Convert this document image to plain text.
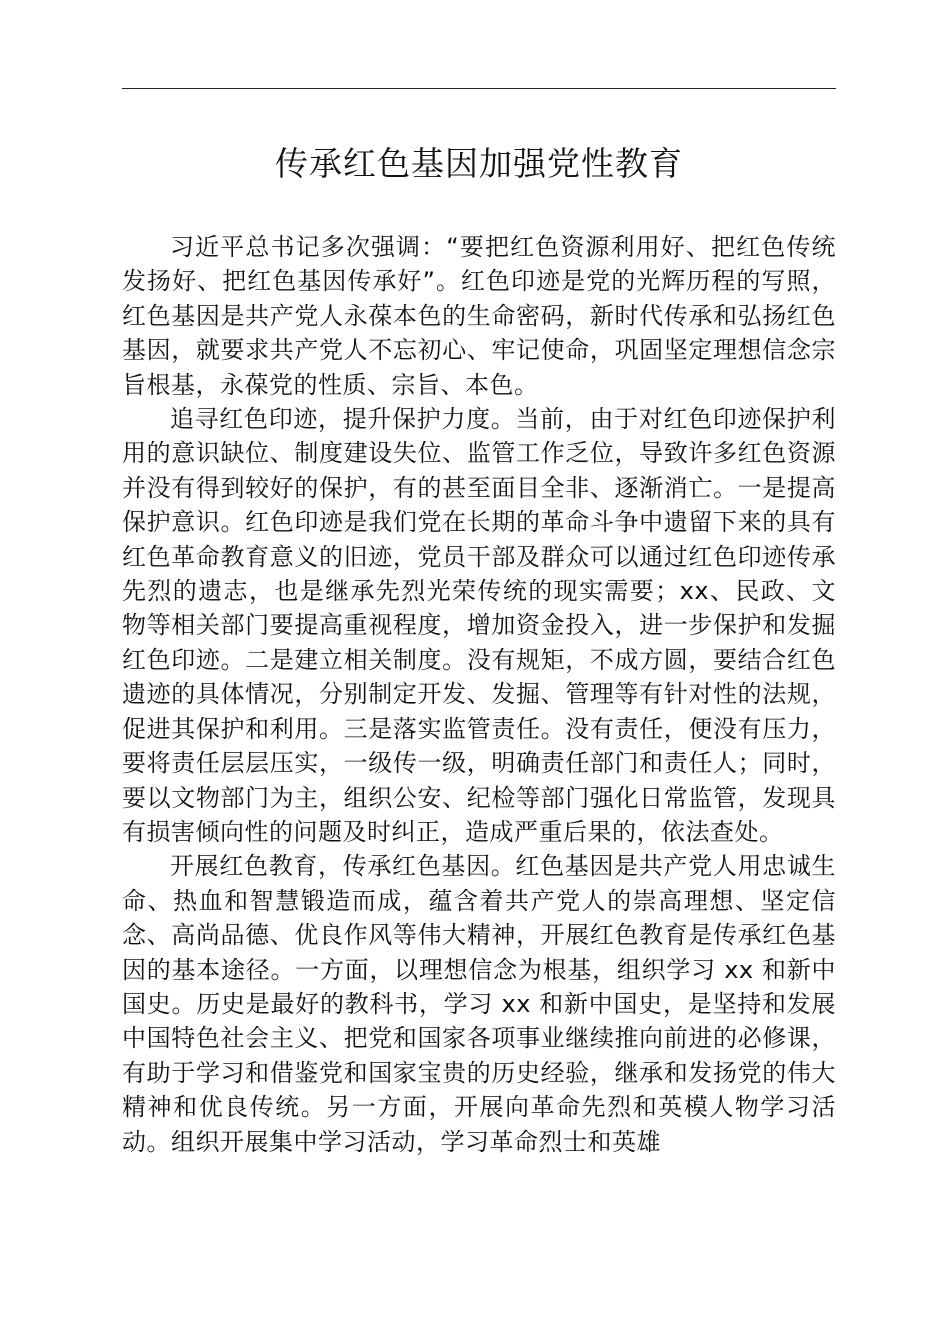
传承红色基因加强党性教育

习近平总书记多次强调：“要把红色资源利用好、把红色传统发扬好、把红色基因传承好”。红色印迹是党的光辉历程的写照，红色基因是共产党人永葆本色的生命密码，新时代传承和弘扬红色基因，就要求共产党人不忘初心、牢记使命，巩固坚定理想信念宗旨根基，永葆党的性质、宗旨、本色。

追寻红色印迹，提升保护力度。当前，由于对红色印迹保护利用的意识缺位、制度建设失位、监管工作乏位，导致许多红色资源并没有得到较好的保护，有的甚至面目全非、逐渐消亡。一是提高保护意识。红色印迹是我们党在长期的革命斗争中遗留下来的具有红色革命教育意义的旧迹，党员干部及群众可以通过红色印迹传承先烈的遗志，也是继承先烈光荣传统的现实需要；xx、民政、文物等相关部门要提高重视程度，增加资金投入，进一步保护和发掘红色印迹。二是建立相关制度。没有规矩，不成方圆，要结合红色遗迹的具体情况，分别制定开发、发掘、管理等有针对性的法规，促进其保护和利用。三是落实监管责任。没有责任，便没有压力，要将责任层层压实，一级传一级，明确责任部门和责任人；同时，要以文物部门为主，组织公安、纪检等部门强化日常监管，发现具有损害倾向性的问题及时纠正，造成严重后果的，依法查处。

开展红色教育，传承红色基因。红色基因是共产党人用忠诚生命、热血和智慧锻造而成，蕴含着共产党人的崇高理想、坚定信念、高尚品德、优良作风等伟大精神，开展红色教育是传承红色基因的基本途径。一方面，以理想信念为根基，组织学习 xx 和新中国史。历史是最好的教科书，学习 xx 和新中国史，是坚持和发展中国特色社会主义、把党和国家各项事业继续推向前进的必修课，有助于学习和借鉴党和国家宝贵的历史经验，继承和发扬党的伟大精神和优良传统。另一方面，开展向革命先烈和英模人物学习活动。组织开展集中学习活动，学习革命烈士和英雄
